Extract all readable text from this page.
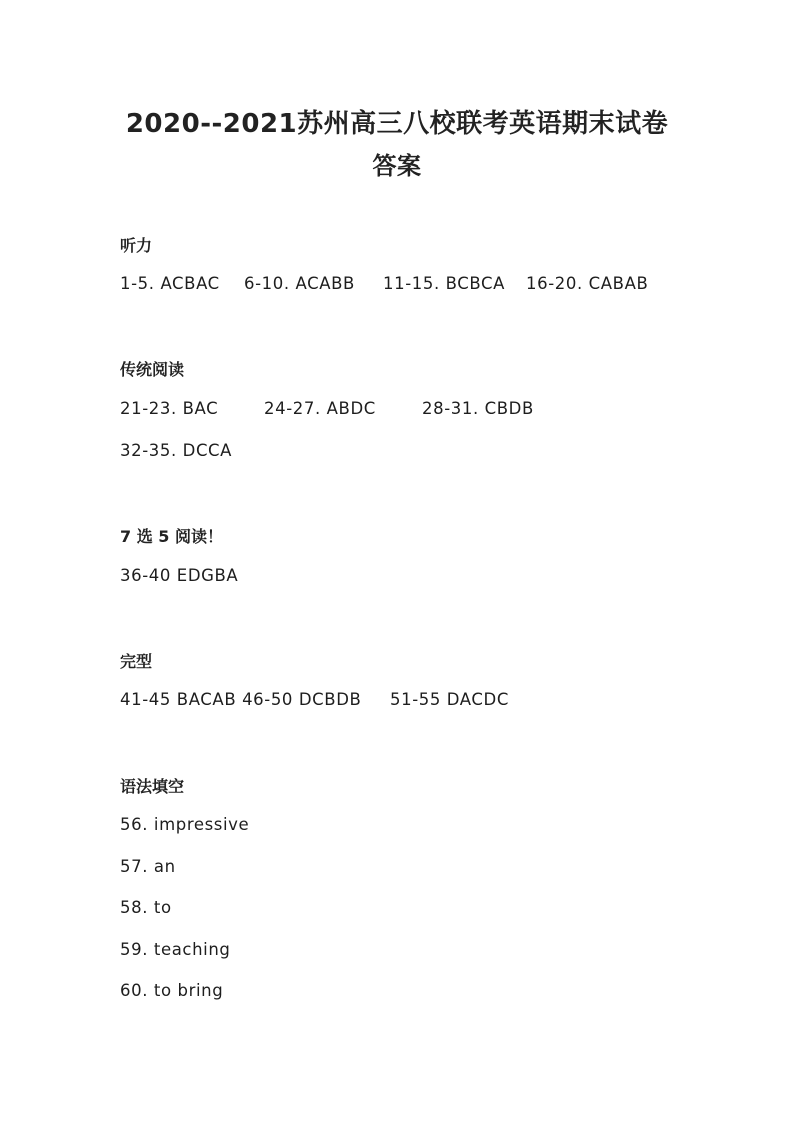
2020--2021苏州高三八校联考英语期末试卷
答案
听力
1-5. ACBAC 6-10. ACABB 11-15. BCBCA 16-20. CABAB
传统阅读
21-23. BAC	24-27. ABDC	28-31. CBDB
32-35. DCCA
7 选 5 阅读！
36-40 EDGBA
完型
41-45 BACAB 46-50 DCBDB 51-55 DACDC
语法填空
56. impressive
57. an
58. to
59. teaching
60. to bring
